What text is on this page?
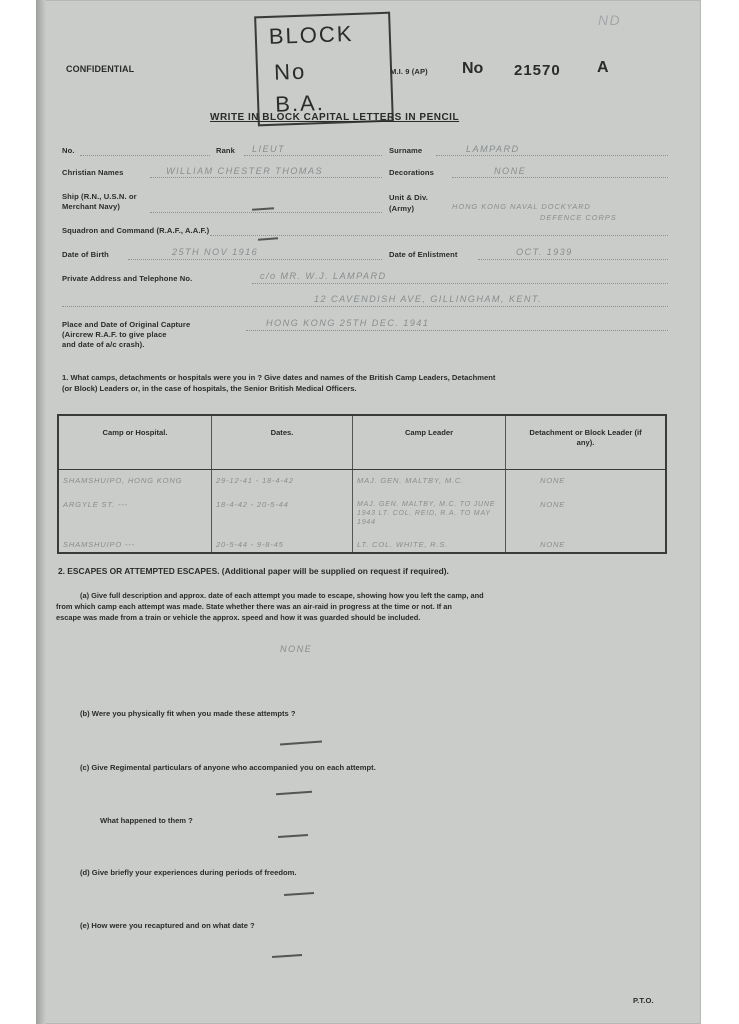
CONFIDENTIAL
BLOCK
No
B.A.
M.I. 9 (AP) No 21570 A
ND
WRITE IN BLOCK CAPITAL LETTERS IN PENCIL
No.	Rank LIEUT	Surname	LAMPARD
Christian Names	WILLIAM CHESTER THOMAS	Decorations	NONE
Ship (R.N., U.S.N. or Merchant Navy)
Unit & Div. (Army)	HONG KONG NAVAL DOCKYARD
DEFENCE CORPS
Squadron and Command (R.A.F., A.A.F.)
Date of Birth	25TH NOV 1916	Date of Enlistment	OCT. 1939
Private Address and Telephone No.	c/o MR. W.J. LAMPARD
12 CAVENDISH AVE, GILLINGHAM, KENT.
Place and Date of Original Capture
(Aircrew R.A.F. to give place
and date of a/c crash).
HONG KONG 25TH DEC. 1941
1. What camps, detachments or hospitals were you in ? Give dates and names of the British Camp Leaders, Detachment
(or Block) Leaders or, in the case of hospitals, the Senior British Medical Officers.
Camp or Hospital.	Dates.	Camp Leader	Detachment or Block Leader (if any).
SHAMSHUIPO, HONG KONG	29-12-41 - 18-4-42	MAJ. GEN. MALTBY, M.C.	NONE
ARGYLE ST. ---	18-4-42 - 20-5-44	MAJ. GEN. MALTBY, M.C. TO JUNE 1943 LT. COL. REID, R.A. TO MAY 1944	NONE
SHAMSHUIPO ---	20-5-44 - 9-8-45	LT. COL. WHITE, R.S.	NONE
2. ESCAPES OR ATTEMPTED ESCAPES. (Additional paper will be supplied on request if required).
(a) Give full description and approx. date of each attempt you made to escape, showing how you left the camp, and
from which camp each attempt was made. State whether there was an air-raid in progress at the time or not. If an
escape was made from a train or vehicle the approx. speed and how it was guarded should be included.
NONE
(b) Were you physically fit when you made these attempts ?
(c) Give Regimental particulars of anyone who accompanied you on each attempt.
What happened to them ?
(d) Give briefly your experiences during periods of freedom.
(e) How were you recaptured and on what date ?
P.T.O.
